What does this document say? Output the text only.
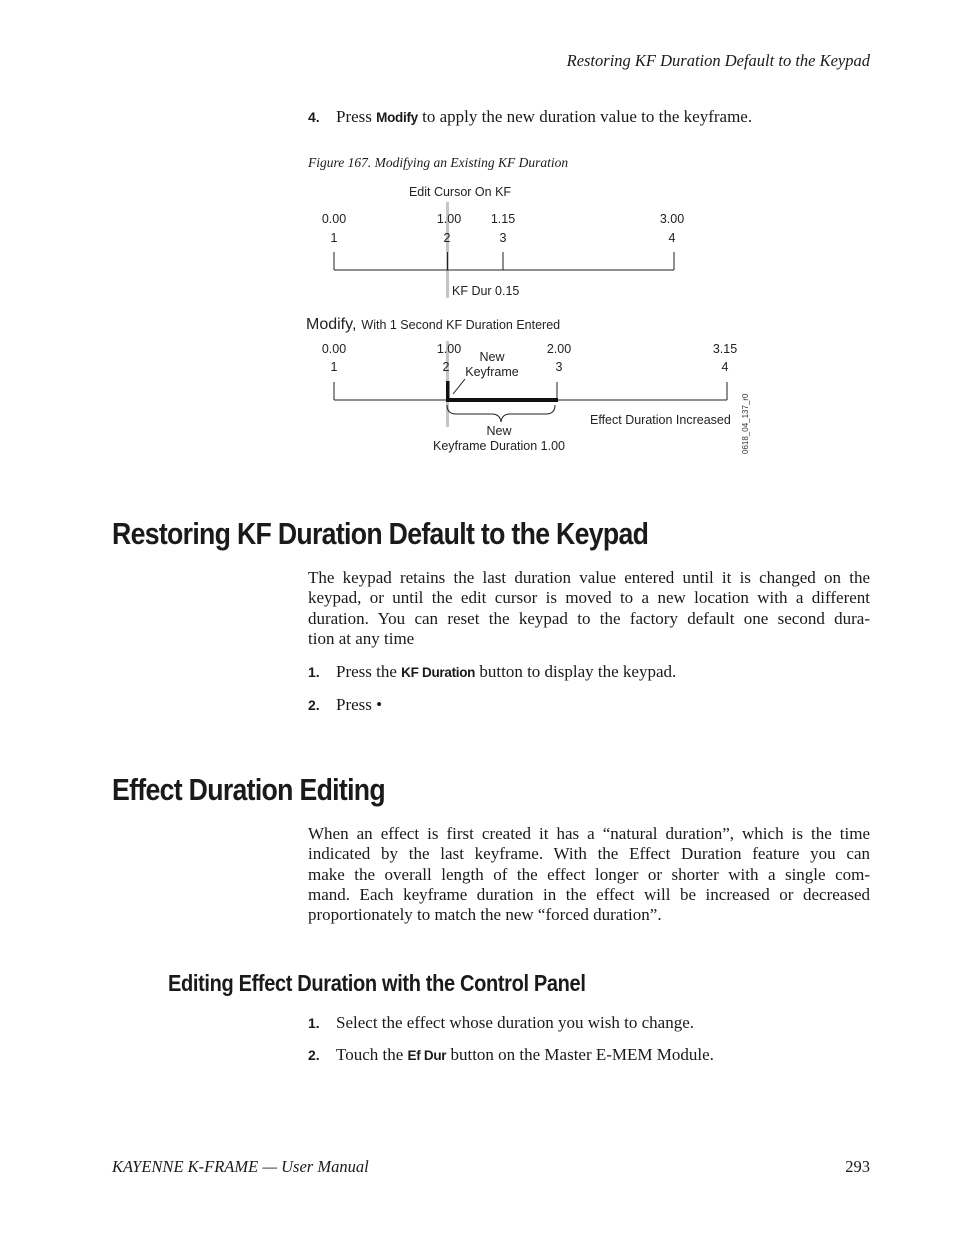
Restoring KF Duration Default to the Keypad
4. Press Modify to apply the new duration value to the keyframe.
Figure 167. Modifying an Existing KF Duration
Edit Cursor On KF
0.00	1.00 1.15	3.00
1	2	3	4
KF Dur 0.15
Modify, With 1 Second KF Duration Entered
0.00	1.00	2.00	3.15
1	2	3	4
New
Keyframe
New
Keyframe Duration 1.00
Effect Duration Increased 0618_04_137_r0
Restoring KF Duration Default to the Keypad
The keypad retains the last duration value entered until it is changed on the
keypad, or until the edit cursor is moved to a new location with a different
duration. You can reset the keypad to the factory default one second dura-
tion at any time
1. Press the KF Duration button to display the keypad.
2. Press •
Effect Duration Editing
When an effect is first created it has a “natural duration”, which is the time
indicated by the last keyframe. With the Effect Duration feature you can
make the overall length of the effect longer or shorter with a single com-
mand. Each keyframe duration in the effect will be increased or decreased
proportionately to match the new “forced duration”.
Editing Effect Duration with the Control Panel
1. Select the effect whose duration you wish to change.
2. Touch the Ef Dur button on the Master E-MEM Module.
KAYENNE K-FRAME — User Manual	293
